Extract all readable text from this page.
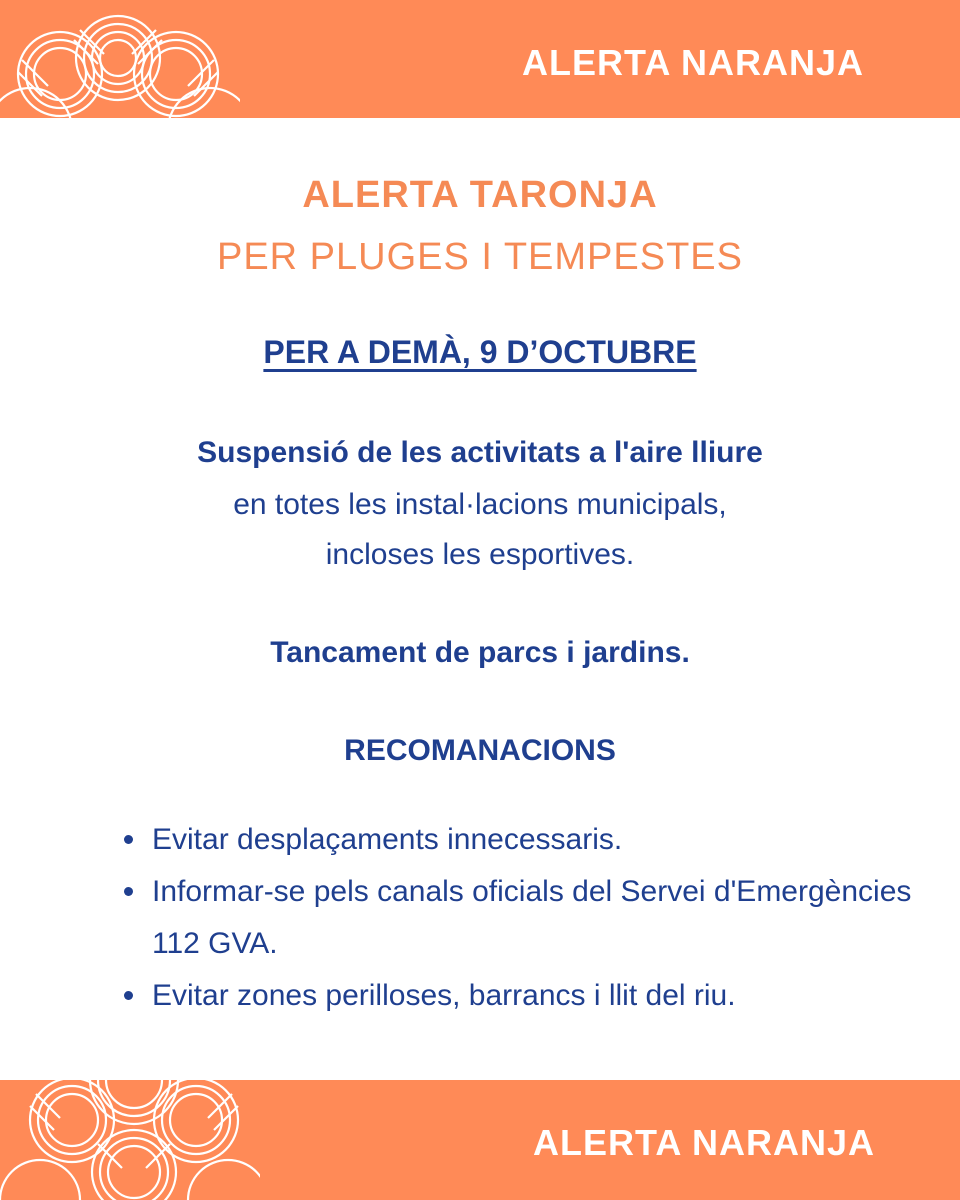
ALERTA NARANJA
ALERTA TARONJA
PER PLUGES I TEMPESTES
PER A DEMÀ, 9 D’OCTUBRE
Suspensió de les activitats a l'aire lliure
en totes les instal·lacions municipals,
incloses les esportives.
Tancament de parcs i jardins.
RECOMANACIONS
Evitar desplaçaments innecessaris.
Informar-se pels canals oficials del Servei d'Emergències 112 GVA.
Evitar zones perilloses, barrancs i llit del riu.
ALERTA NARANJA
